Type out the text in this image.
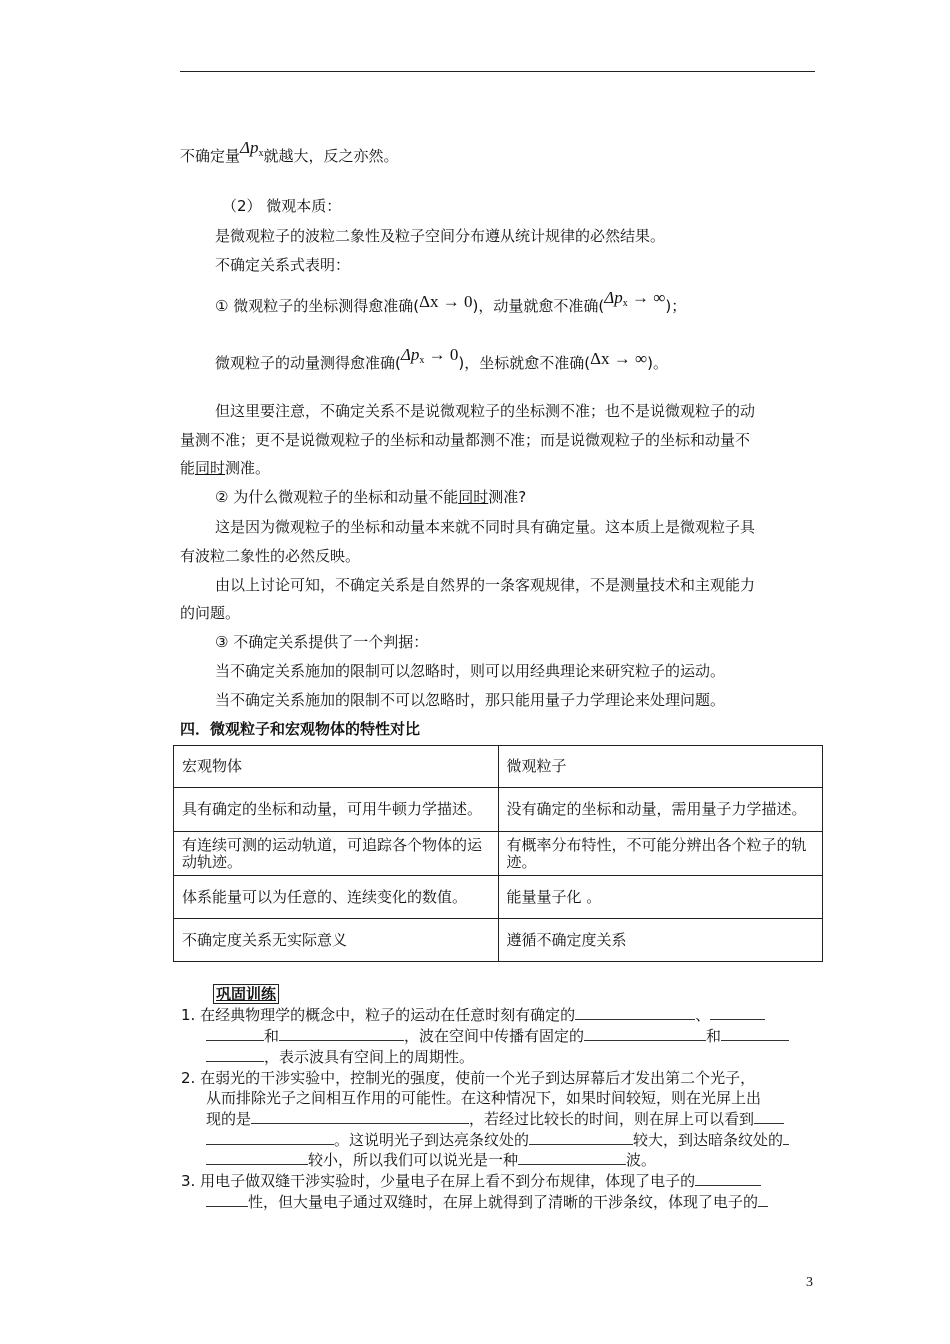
不确定量Δpx就越大，反之亦然。
（2） 微观本质：
是微观粒子的波粒二象性及粒子空间分布遵从统计规律的必然结果。
不确定关系式表明：
① 微观粒子的坐标测得愈准确(Δx → 0)，动量就愈不准确(Δpx → ∞)；
微观粒子的动量测得愈准确(Δpx → 0)，坐标就愈不准确(Δx → ∞)。
但这里要注意，不确定关系不是说微观粒子的坐标测不准；也不是说微观粒子的动
量测不准；更不是说微观粒子的坐标和动量都测不准；而是说微观粒子的坐标和动量不
能同时测准。
② 为什么微观粒子的坐标和动量不能同时测准?
这是因为微观粒子的坐标和动量本来就不同时具有确定量。这本质上是微观粒子具
有波粒二象性的必然反映。
由以上讨论可知，不确定关系是自然界的一条客观规律，不是测量技术和主观能力
的问题。
③ 不确定关系提供了一个判据：
当不确定关系施加的限制可以忽略时，则可以用经典理论来研究粒子的运动。
当不确定关系施加的限制不可以忽略时，那只能用量子力学理论来处理问题。
四．微观粒子和宏观物体的特性对比
宏观物体	微观粒子
具有确定的坐标和动量，可用牛顿力学描述。	没有确定的坐标和动量，需用量子力学描述。
有连续可测的运动轨道，可追踪各个物体的运动轨迹。	有概率分布特性，不可能分辨出各个粒子的轨迹。
体系能量可以为任意的、连续变化的数值。	能量量子化 。
不确定度关系无实际意义	遵循不确定度关系
巩固训练
1. 在经典物理学的概念中，粒子的运动在任意时刻有确定的	、
和	，波在空间中传播有固定的	和
，表示波具有空间上的周期性。
2. 在弱光的干涉实验中，控制光的强度，使前一个光子到达屏幕后才发出第二个光子，
从而排除光子之间相互作用的可能性。在这种情况下，如果时间较短，则在光屏上出
现的是	，若经过比较长的时间，则在屏上可以看到
。这说明光子到达亮条纹处的	较大，到达暗条纹处的
较小，所以我们可以说光是一种	波。
3. 用电子做双缝干涉实验时，少量电子在屏上看不到分布规律，体现了电子的
性，但大量电子通过双缝时，在屏上就得到了清晰的干涉条纹，体现了电子的
3
